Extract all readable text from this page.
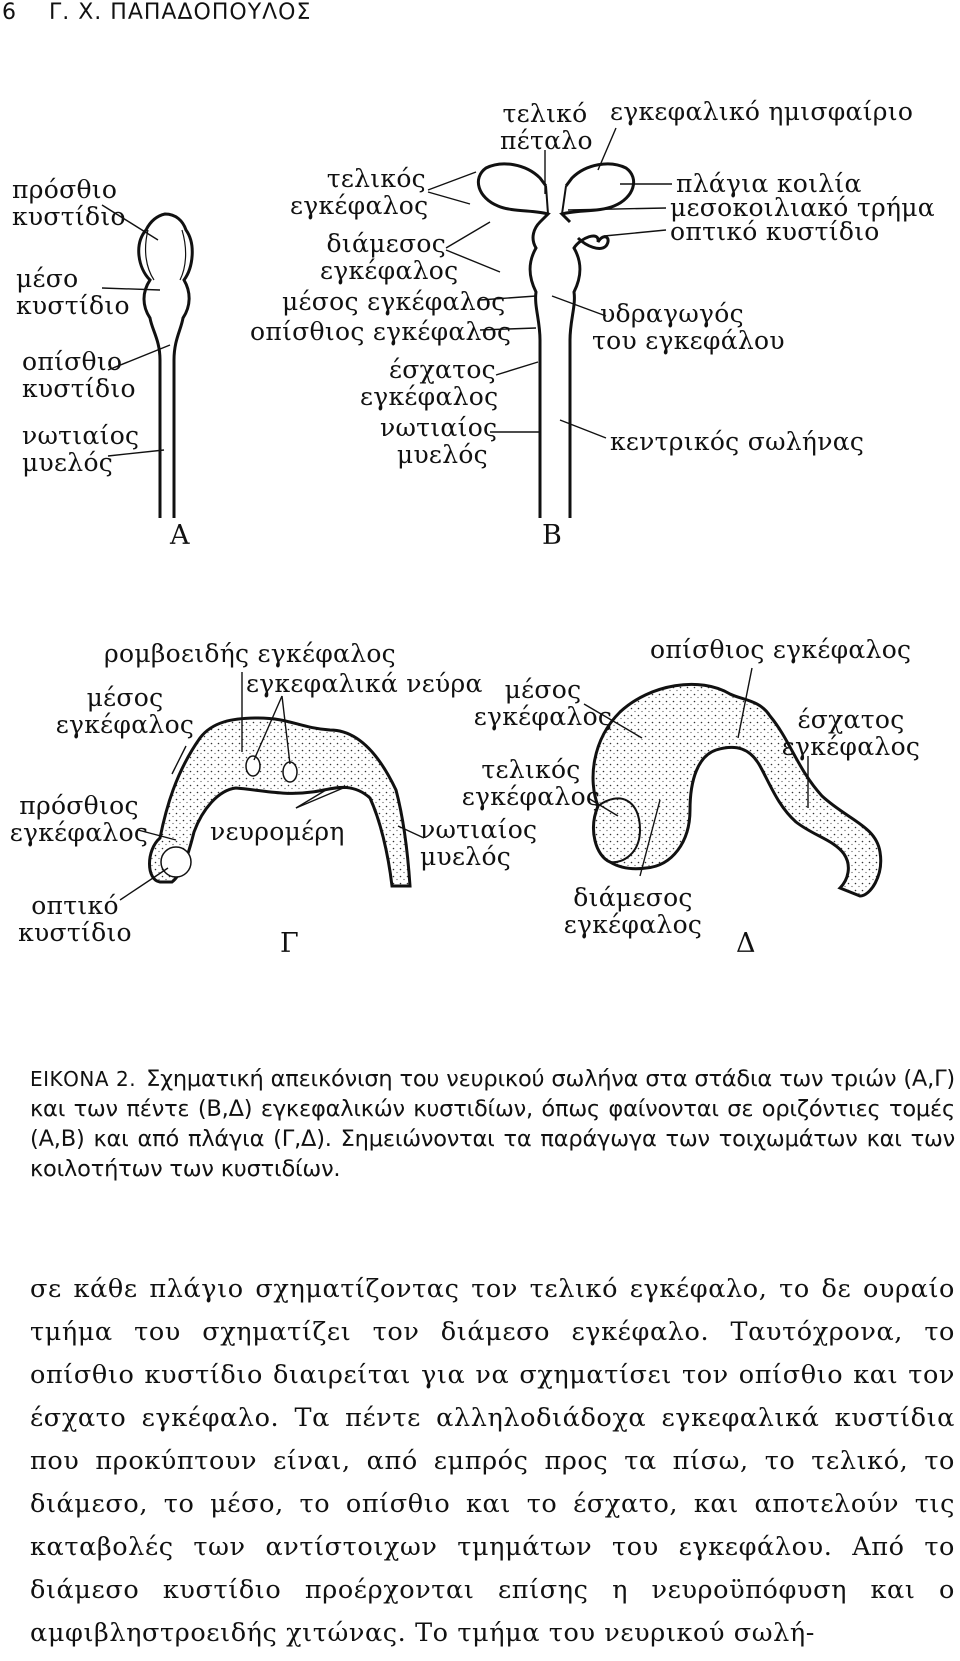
6 Γ. Χ. ΠΑΠΑΔΟΠΟΥΛΟΣ
πρόσθιο
κυστίδιο
μέσο
κυστίδιο
οπίσθιο
κυστίδιο
νωτιαίος
μυελός
Α
τελικό
πέταλο
εγκεφαλικό ημισφαίριο
τελικός
εγκέφαλος
διάμεσος
εγκέφαλος
μέσος εγκέφαλος
οπίσθιος εγκέφαλος
έσχατος
εγκέφαλος
νωτιαίος
μυελός
πλάγια κοιλία
μεσοκοιλιακό τρήμα
οπτικό κυστίδιο
υδραγωγός
του εγκεφάλου
κεντρικός σωλήνας
Β
ρομβοειδής εγκέφαλος
εγκεφαλικά νεύρα
μέσος
εγκέφαλος
πρόσθιος
εγκέφαλος νευρομέρη	νωτιαίος
μυελός
οπτικό
κυστίδιο	Γ
οπίσθιος εγκέφαλος
μέσος
εγκέφαλος	έσχατος
εγκέφαλος
τελικός
εγκέφαλος
διάμεσος
εγκέφαλος
Δ
ΕΙΚΟΝΑ 2. Σχηματική απεικόνιση του νευρικού σωλήνα στα στάδια των τριών (Α,Γ) και των πέντε (Β,Δ) εγκεφαλικών κυστιδίων, όπως φαίνονται σε οριζόντιες τομές (Α,Β) και από πλάγια (Γ,Δ). Σημειώνονται τα παράγωγα των τοιχωμάτων και των κοιλοτήτων των κυστιδίων.

σε κάθε πλάγιο σχηματίζοντας τον τελικό εγκέφαλο, το δε ουραίο τμήμα του σχηματίζει τον διάμεσο εγκέφαλο. Ταυτόχρονα, το οπίσθιο κυστίδιο διαιρείται για να σχηματίσει τον οπίσθιο και τον έσχατο εγκέφαλο. Τα πέντε αλληλοδιάδοχα εγκεφαλικά κυστίδια που προκύπτουν είναι, από εμπρός προς τα πίσω, το τελικό, το διάμεσο, το μέσο, το οπίσθιο και το έσχατο, και αποτελούν τις καταβολές των αντίστοιχων τμημάτων του εγκεφάλου. Από το διάμεσο κυστίδιο προέρχονται επίσης η νευροϋπόφυση και ο αμφιβληστροειδής χιτώνας. Το τμήμα του νευρικού σωλή-
